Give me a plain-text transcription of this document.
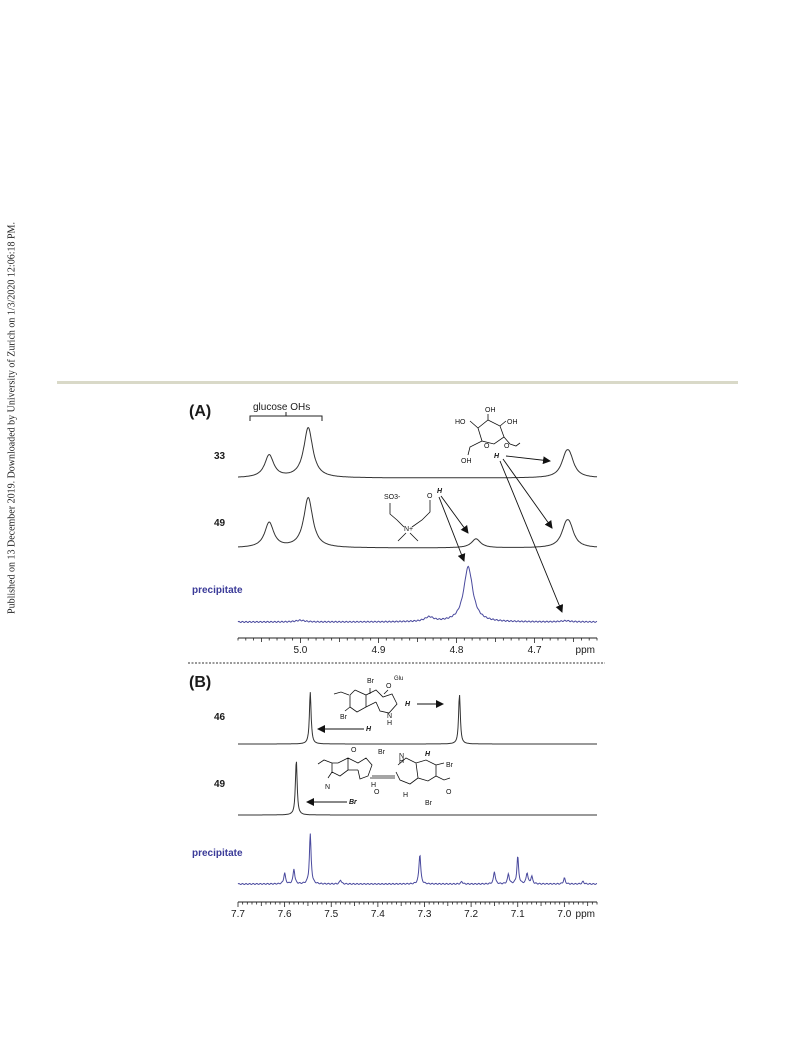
Published on 13 December 2019. Downloaded by University of Zurich on 1/3/2020 12:06:18 PM.	(A)	glucose OHs
33
49
precipitate
5.0	4.9	4.8	4.7	ppm
SO3-
N+
O
H
HO
OH
OH
OH
O O
H
(B)
46
49
precipitate
7.7	7.6	7.5	7.4	7.3	7.2	7.1	7.0 ppm
Br
O
Glu
Br	N
H
H
H
O	Br
N	H
O	H
N
H
Br
Br
O
H
Br
